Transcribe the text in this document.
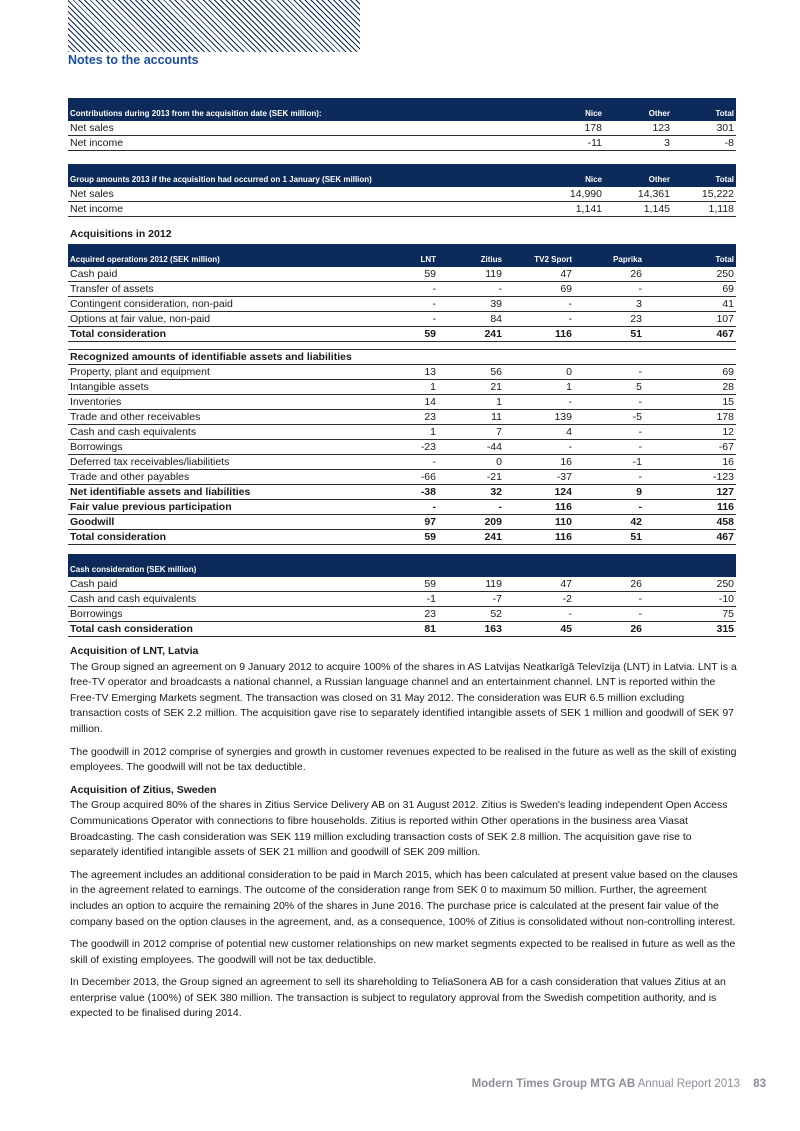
Notes to the accounts
Contributions during 2013 from the acquisition date (SEK million):	Nice	Other	Total
Net sales	178	123	301
Net income	-11	3	-8
Group amounts 2013 if the acquisition had occurred on 1 January (SEK million)	Nice	Other	Total
Net sales	14,990	14,361	15,222
Net income	1,141	1,145	1,118
Acquisitions in 2012
Acquired operations 2012 (SEK million)	LNT	Zitius	TV2 Sport	Paprika	Total
Cash paid	59	119	47	26	250
Transfer of assets	-	-	69	-	69
Contingent consideration, non-paid	-	39	-	3	41
Options at fair value, non-paid	-	84	-	23	107
Total consideration	59	241	116	51	467

Recognized amounts of identifiable assets and liabilities					
Property, plant and equipment	13	56	0	-	69
Intangible assets	1	21	1	5	28
Inventories	14	1	-	-	15
Trade and other receivables	23	11	139	-5	178
Cash and cash equivalents	1	7	4	-	12
Borrowings	-23	-44	-	-	-67
Deferred tax receivables/liabilitiets	-	0	16	-1	16
Trade and other payables	-66	-21	-37	-	-123
Net identifiable assets and liabilities	-38	32	124	9	127
Fair value previous participation	-	-	116	-	116
Goodwill	97	209	110	42	458
Total consideration	59	241	116	51	467
Cash consideration (SEK million)					
Cash paid	59	119	47	26	250
Cash and cash equivalents	-1	-7	-2	-	-10
Borrowings	23	52	-	-	75
Total cash consideration	81	163	45	26	315

Acquisition of LNT, Latvia

The Group signed an agreement on 9 January 2012 to acquire 100% of the shares in AS Latvijas Neatkarīgā Televīzija (LNT) in Latvia. LNT is a free-TV operator and broadcasts a national channel, a Russian language channel and an entertainment channel. LNT is reported within the Free-TV Emerging Markets segment. The transaction was closed on 31 May 2012. The consideration was EUR 6.5 million excluding transaction costs of SEK 2.2 million. The acquisition gave rise to separately identified intangible assets of SEK 1 million and goodwill of SEK 97 million.

The goodwill in 2012 comprise of synergies and growth in customer revenues expected to be realised in the future as well as the skill of existing employees. The goodwill will not be tax deductible.

Acquisition of Zitius, Sweden

The Group acquired 80% of the shares in Zitius Service Delivery AB on 31 August 2012. Zitius is Sweden's leading independent Open Access Communications Operator with connections to fibre households. Zitius is reported within Other operations in the business area Viasat Broadcasting. The cash consideration was SEK 119 million excluding transaction costs of SEK 2.8 million. The acquisition gave rise to separately identified intangible assets of SEK 21 million and goodwill of SEK 209 million.

The agreement includes an additional consideration to be paid in March 2015, which has been calculated at present value based on the clauses in the agreement related to earnings. The outcome of the consideration range from SEK 0 to maximum 50 million. Further, the agreement includes an option to acquire the remaining 20% of the shares in June 2016. The purchase price is calculated at the present fair value of the company based on the option clauses in the agreement, and, as a consequence, 100% of Zitius is consolidated without non-controlling interest.

The goodwill in 2012 comprise of potential new customer relationships on new market segments expected to be realised in future as well as the skill of existing employees. The goodwill will not be tax deductible.

In December 2013, the Group signed an agreement to sell its shareholding to TeliaSonera AB for a cash consideration that values Zitius at an enterprise value (100%) of SEK 380 million. The transaction is subject to regulatory approval from the Swedish competition authority, and is expected to be finalised during 2014.

Modern Times Group MTG AB Annual Report 2013 83
